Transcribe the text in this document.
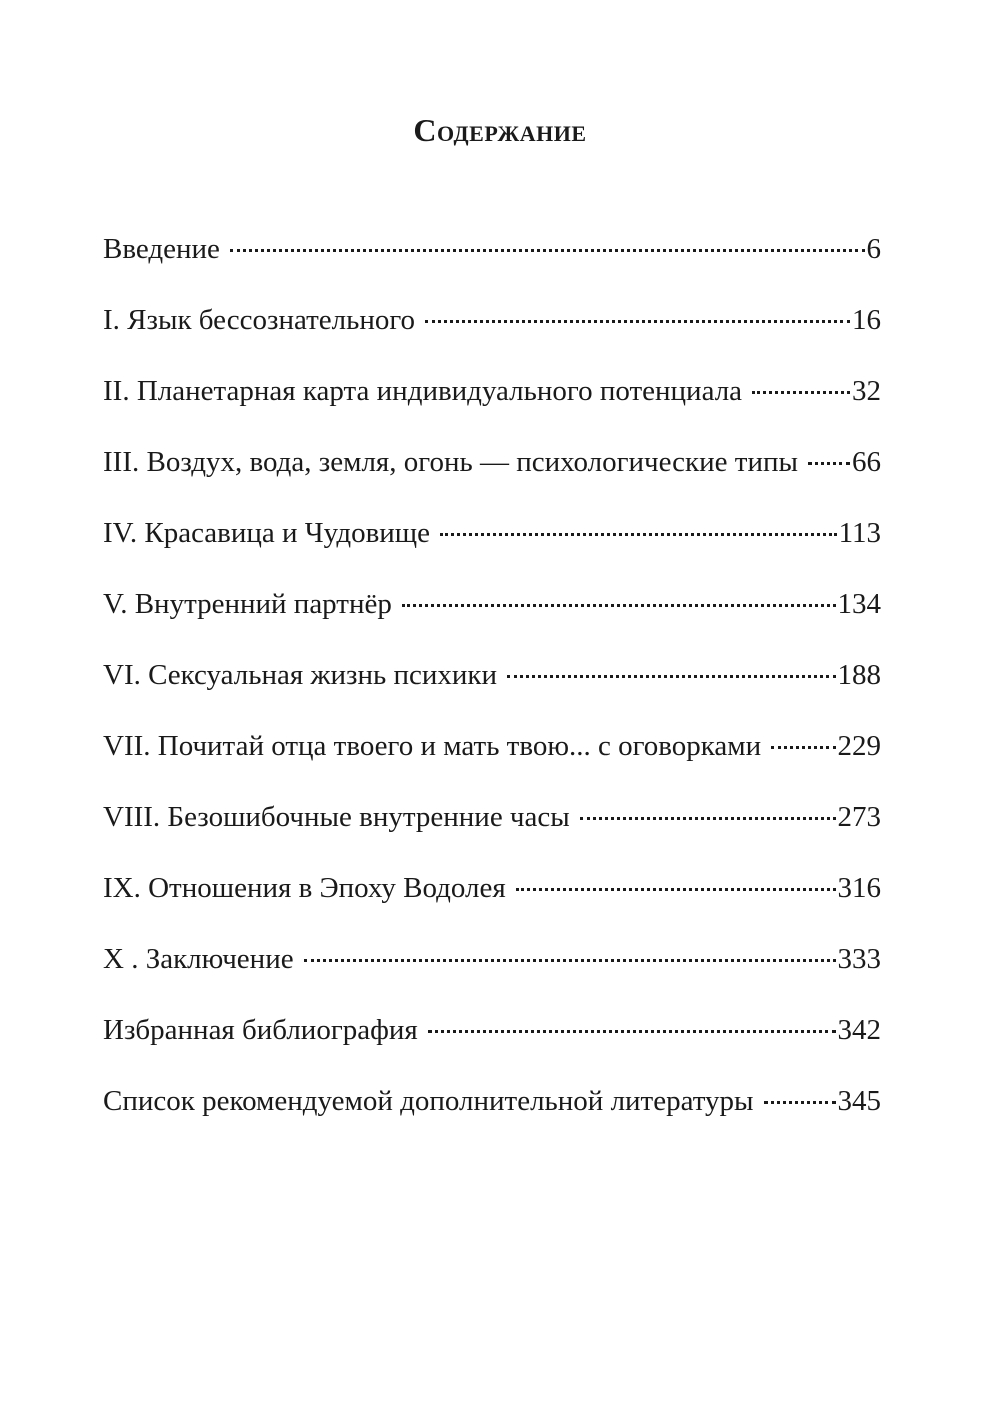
Содержание
Введение	6
I. Язык бессознательного	16
II. Планетарная карта индивидуального потенциала	32
III. Воздух, вода, земля, огонь — психологические типы 66
IV. Красавица и Чудовище	113
V. Внутренний партнёр	134
VI. Сексуальная жизнь психики	188
VII. Почитай отца твоего и мать твою... с оговорками	229
VIII. Безошибочные внутренние часы	273
IX. Отношения в Эпоху Водолея	316
X . Заключение	333
Избранная библиография	342
Список рекомендуемой дополнительной литературы	345
